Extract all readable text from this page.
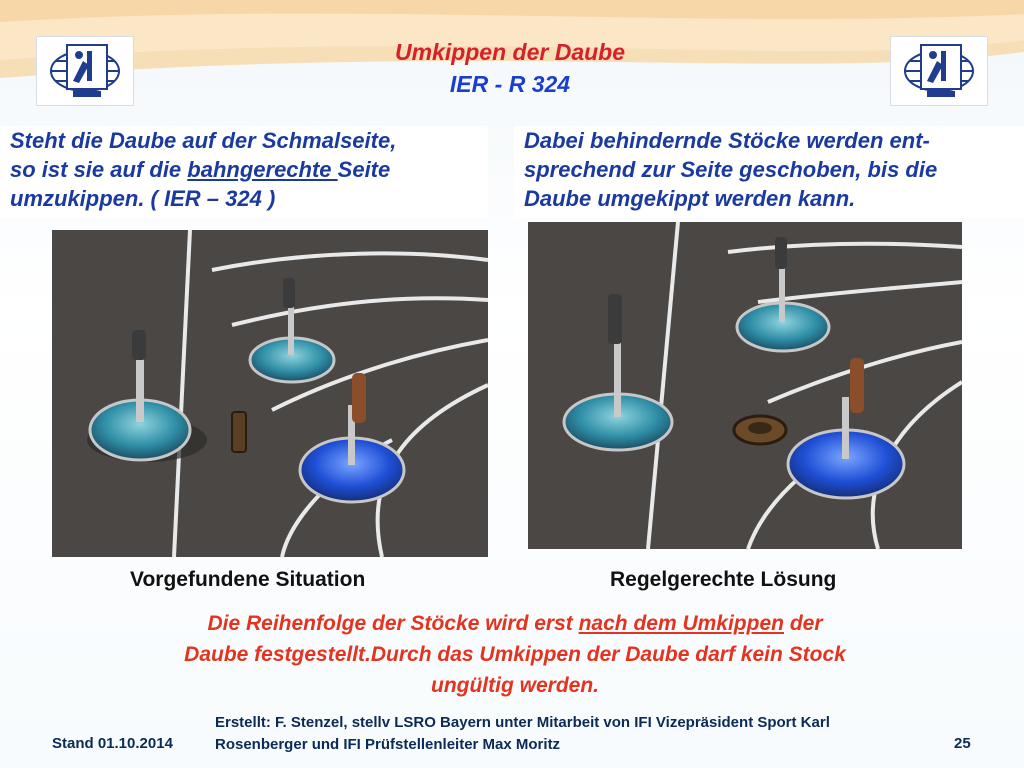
Umkippen der Daube
IER - R 324
Steht die Daube auf der Schmalseite,
so ist sie auf die bahngerechte Seite
umzukippen. ( IER – 324 )
Dabei behindernde Stöcke werden ent-
sprechend zur Seite geschoben, bis die
Daube umgekippt werden kann.
Vorgefundene Situation	Regelgerechte Lösung
Die Reihenfolge der Stöcke wird erst nach dem Umkippen der
Daube festgestellt.Durch das Umkippen der Daube darf kein Stock
ungültig werden.
Stand 01.10.2014
Erstellt: F. Stenzel, stellv LSRO Bayern unter Mitarbeit von IFI Vizepräsident Sport Karl
Rosenberger und IFI Prüfstellenleiter Max Moritz	25
